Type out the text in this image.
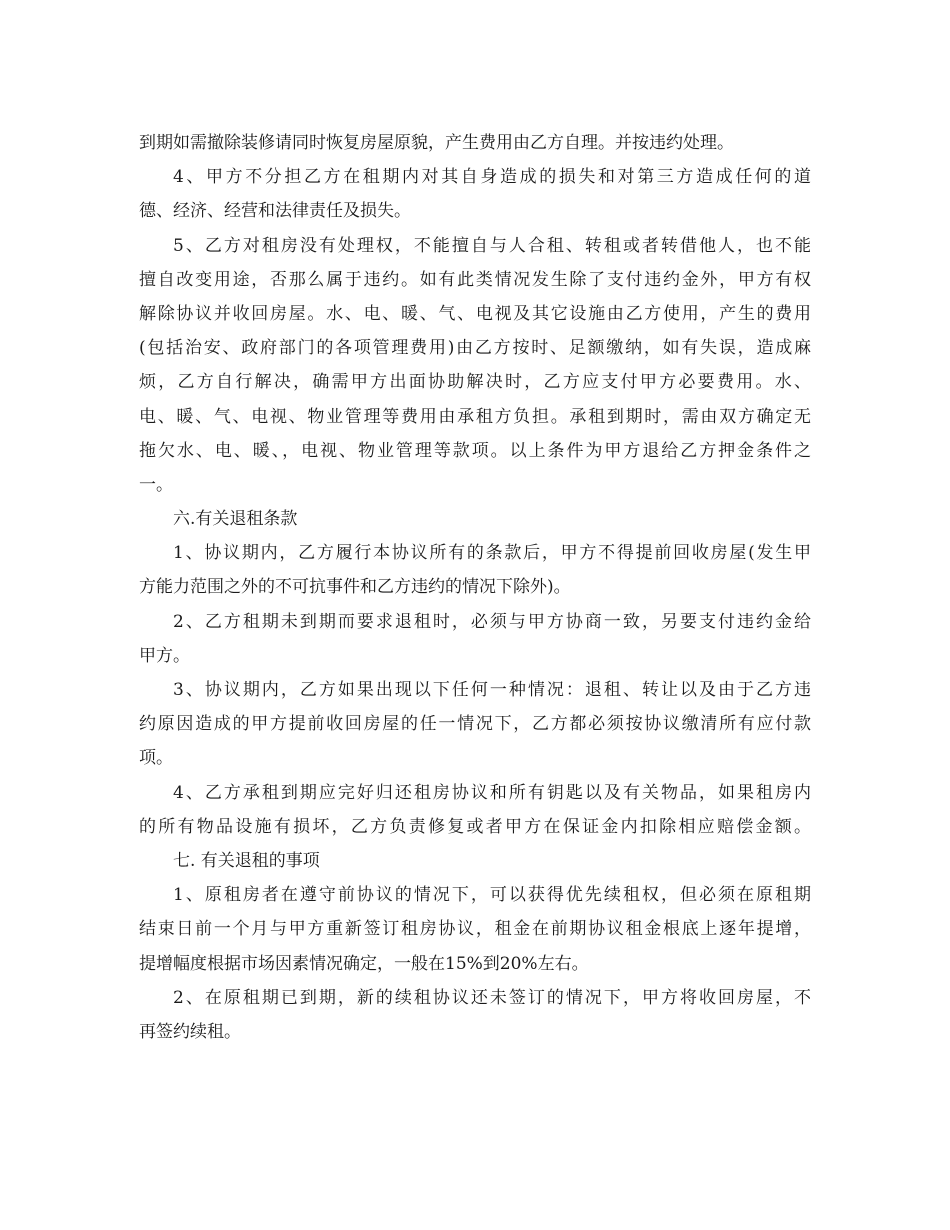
到期如需撤除装修请同时恢复房屋原貌，产生费用由乙方自理。并按违约处理。
4、甲方不分担乙方在租期内对其自身造成的损失和对第三方造成任何的道
德、经济、经营和法律责任及损失。
5、乙方对租房没有处理权，不能擅自与人合租、转租或者转借他人，也不能
擅自改变用途，否那么属于违约。如有此类情况发生除了支付违约金外，甲方有权
解除协议并收回房屋。水、电、暖、气、电视及其它设施由乙方使用，产生的费用
(包括治安、政府部门的各项管理费用)由乙方按时、足额缴纳，如有失误，造成麻
烦，乙方自行解决，确需甲方出面协助解决时，乙方应支付甲方必要费用。水、
电、暖、气、电视、物业管理等费用由承租方负担。承租到期时，需由双方确定无
拖欠水、电、暖、，电视、物业管理等款项。以上条件为甲方退给乙方押金条件之
一。
六.有关退租条款
1、协议期内，乙方履行本协议所有的条款后，甲方不得提前回收房屋(发生甲
方能力范围之外的不可抗事件和乙方违约的情况下除外)。
2、乙方租期未到期而要求退租时，必须与甲方协商一致，另要支付违约金给
甲方。
3、协议期内，乙方如果出现以下任何一种情况：退租、转让以及由于乙方违
约原因造成的甲方提前收回房屋的任一情况下，乙方都必须按协议缴清所有应付款
项。
4、乙方承租到期应完好归还租房协议和所有钥匙以及有关物品，如果租房内
的所有物品设施有损坏，乙方负责修复或者甲方在保证金内扣除相应赔偿金额。
七. 有关退租的事项
1、原租房者在遵守前协议的情况下，可以获得优先续租权，但必须在原租期
结束日前一个月与甲方重新签订租房协议，租金在前期协议租金根底上逐年提增，
提增幅度根据市场因素情况确定，一般在15%到20%左右。
2、在原租期已到期，新的续租协议还未签订的情况下，甲方将收回房屋，不
再签约续租。
